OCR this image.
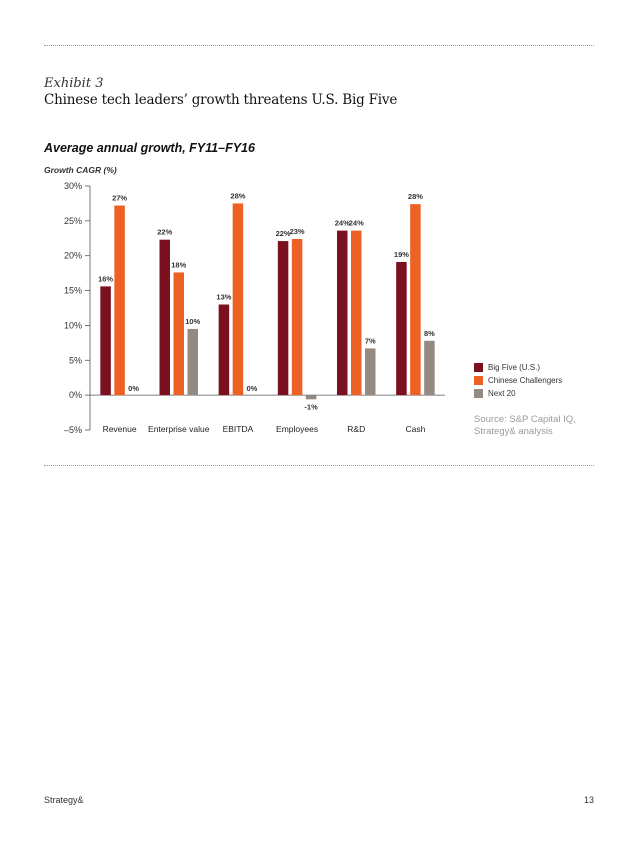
Exhibit 3
Chinese tech leaders’ growth threatens U.S. Big Five
Average annual growth, FY11–FY16
Growth CAGR (%)
30%
25%
20%
15%
10%
5%
0%
–5%
16%
27%
0%
Revenue
22%
18%
10%
Enterprise value
13%
28%
0%
EBITDA
22%
23%
-1%
Employees
24%
24%
7%
R&D
19%
28%
8%
Cash
Big Five (U.S.)
Chinese Challengers
Next 20
Source: S&P Capital IQ, Strategy& analysis
Strategy&	13
